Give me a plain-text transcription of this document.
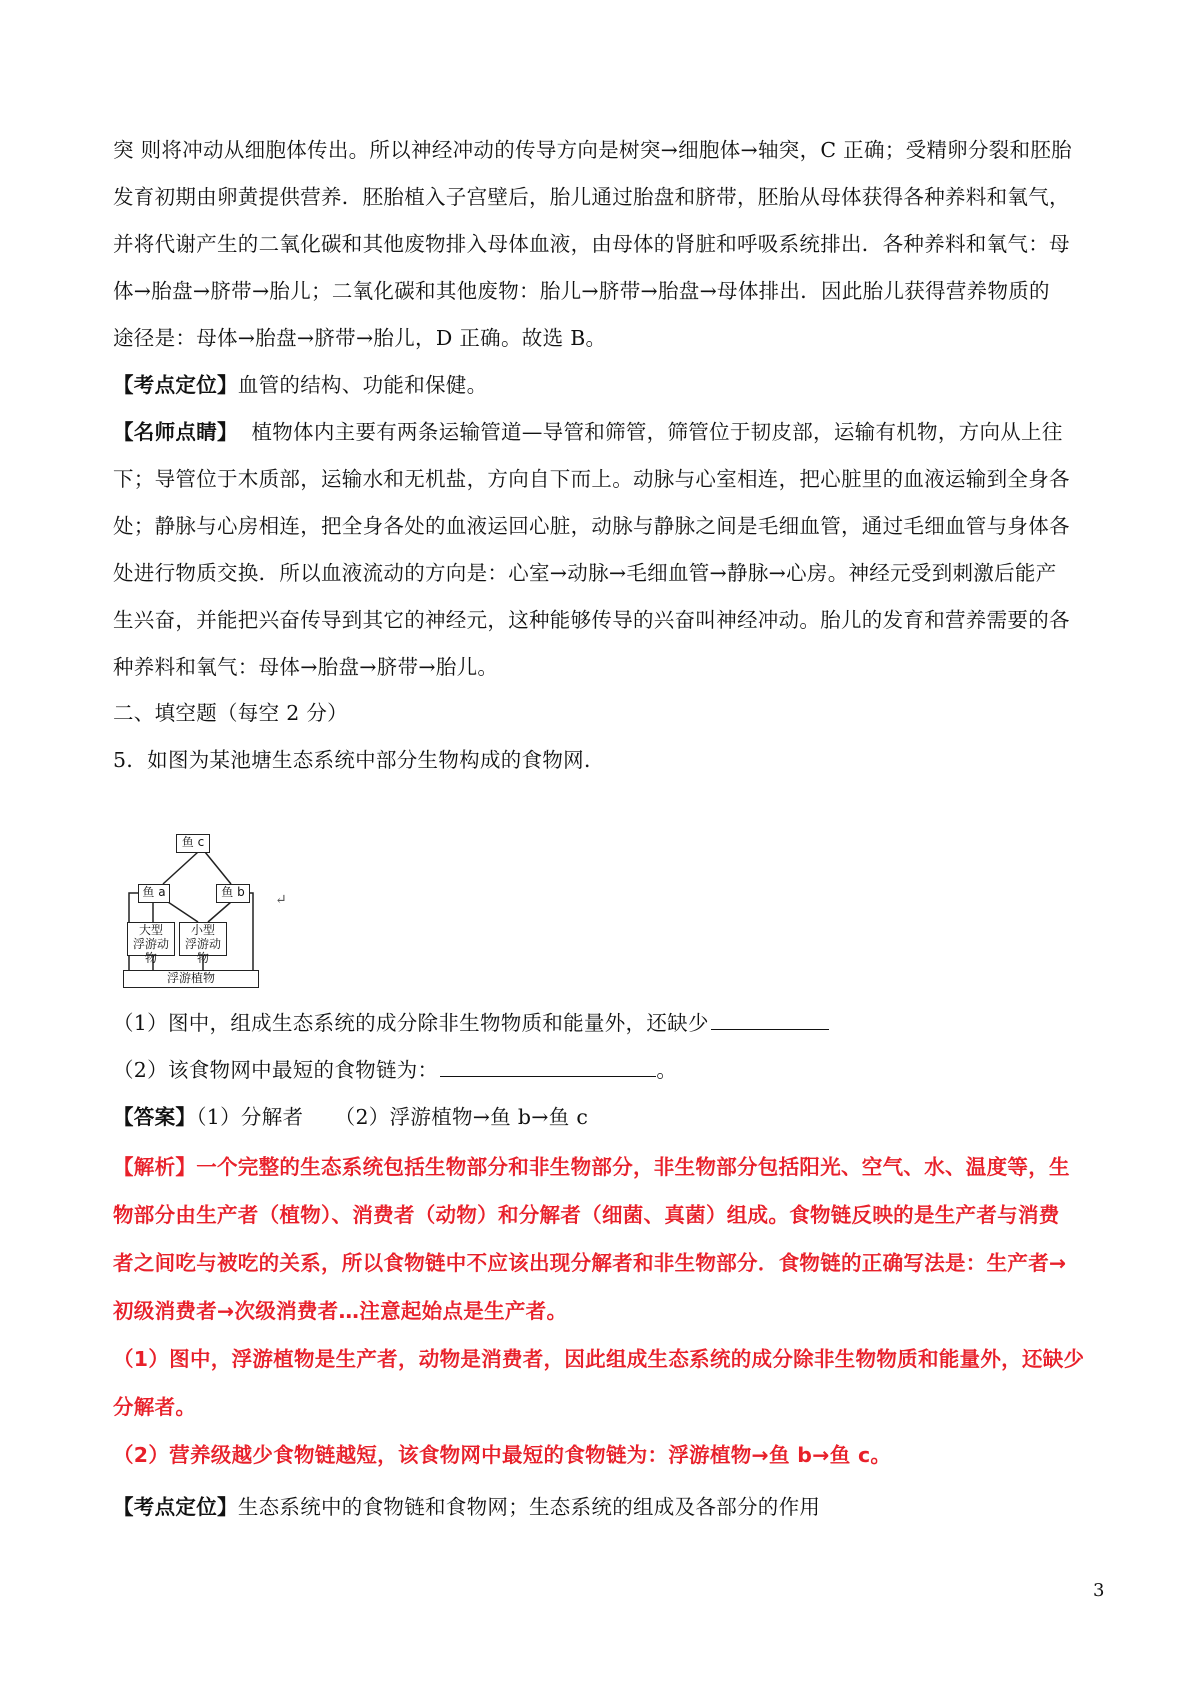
突 则将冲动从细胞体传出。所以神经冲动的传导方向是树突→细胞体→轴突，C 正确；受精卵分裂和胚胎
发育初期由卵黄提供营养．胚胎植入子宫壁后，胎儿通过胎盘和脐带，胚胎从母体获得各种养料和氧气，
并将代谢产生的二氧化碳和其他废物排入母体血液，由母体的肾脏和呼吸系统排出．各种养料和氧气：母
体→胎盘→脐带→胎儿；二氧化碳和其他废物：胎儿→脐带→胎盘→母体排出．因此胎儿获得营养物质的
途径是：母体→胎盘→脐带→胎儿，D 正确。故选 B。
【考点定位】血管的结构、功能和保健。
【名师点睛】 植物体内主要有两条运输管道—导管和筛管，筛管位于韧皮部，运输有机物，方向从上往
下；导管位于木质部，运输水和无机盐，方向自下而上。动脉与心室相连，把心脏里的血液运输到全身各
处；静脉与心房相连，把全身各处的血液运回心脏，动脉与静脉之间是毛细血管，通过毛细血管与身体各
处进行物质交换．所以血液流动的方向是：心室→动脉→毛细血管→静脉→心房。神经元受到刺激后能产
生兴奋，并能把兴奋传导到其它的神经元，这种能够传导的兴奋叫神经冲动。胎儿的发育和营养需要的各
种养料和氧气：母体→胎盘→脐带→胎儿。
二、填空题（每空 2 分）
5．如图为某池塘生态系统中部分生物构成的食物网．
鱼 c
鱼 a	鱼 b
大型
浮游动物
小型
浮游动物
浮游植物
↵
（1）图中，组成生态系统的成分除非生物物质和能量外，还缺少
（2）该食物网中最短的食物链为：	。
【答案】（1）分解者　　（2）浮游植物→鱼 b→鱼 c
【解析】一个完整的生态系统包括生物部分和非生物部分，非生物部分包括阳光、空气、水、温度等，生
物部分由生产者（植物）、消费者（动物）和分解者（细菌、真菌）组成。食物链反映的是生产者与消费
者之间吃与被吃的关系，所以食物链中不应该出现分解者和非生物部分．食物链的正确写法是：生产者→
初级消费者→次级消费者…注意起始点是生产者。
（1）图中，浮游植物是生产者，动物是消费者，因此组成生态系统的成分除非生物物质和能量外，还缺少
分解者。
（2）营养级越少食物链越短，该食物网中最短的食物链为：浮游植物→鱼 b→鱼 c。
【考点定位】生态系统中的食物链和食物网；生态系统的组成及各部分的作用
3
